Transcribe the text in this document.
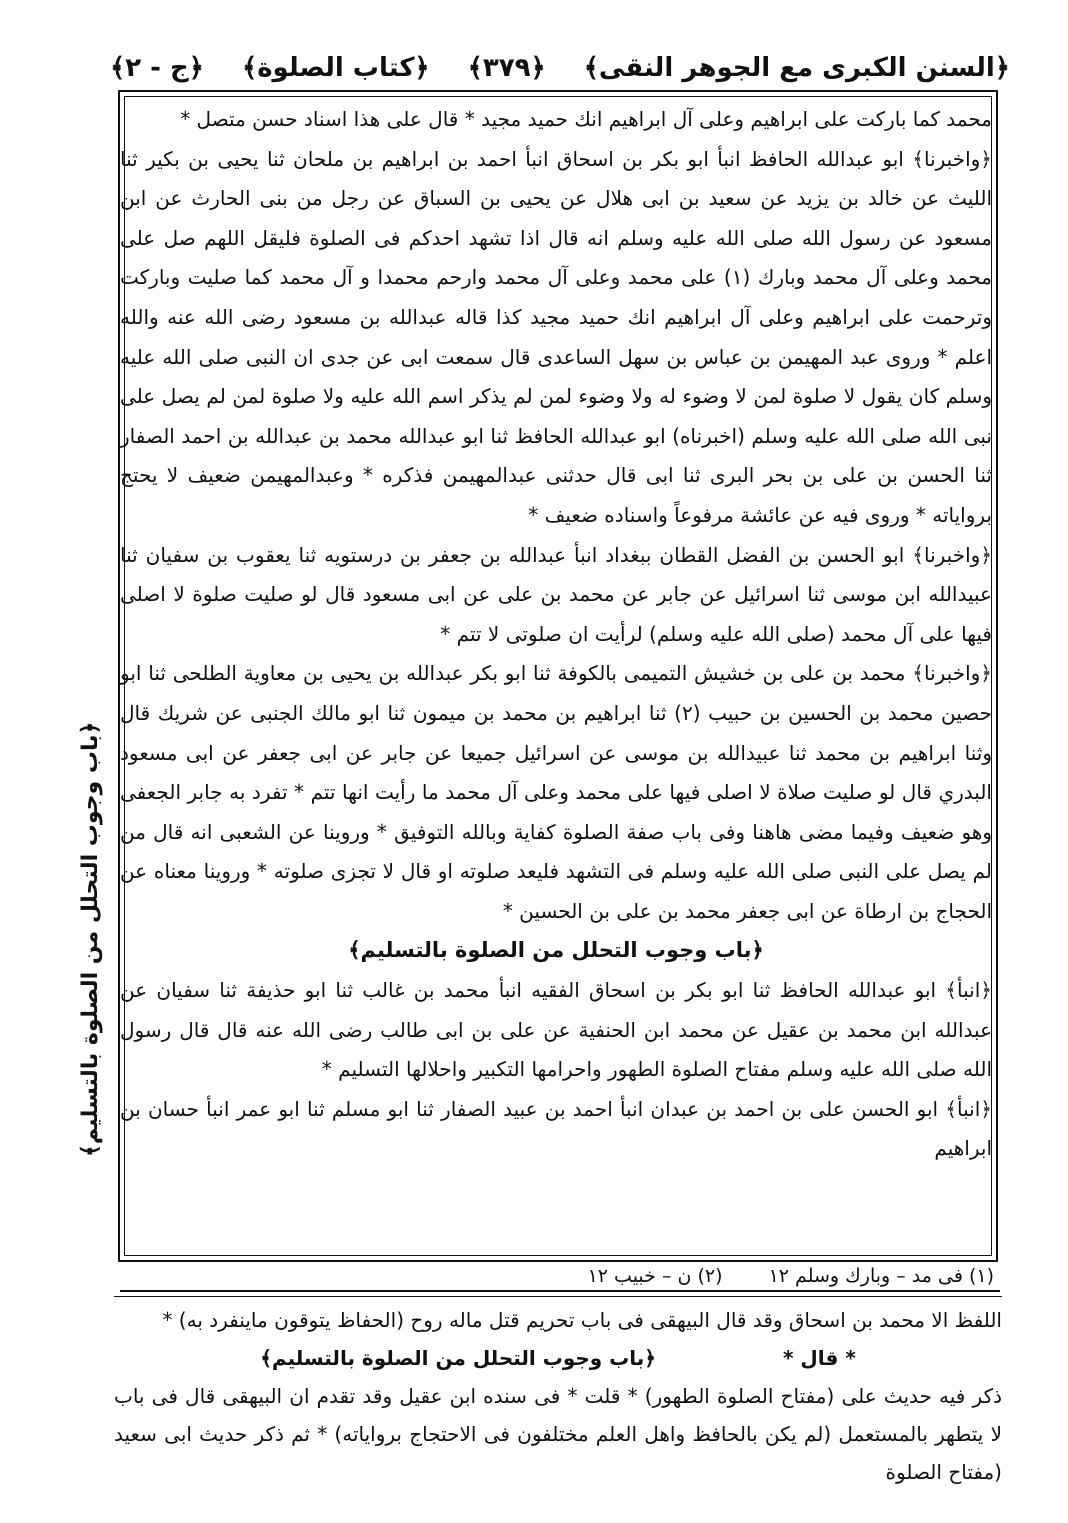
﴿السنن الكبرى مع الجوهر النقى﴾
﴿٣٧٩﴾
﴿كتاب الصلوة﴾
﴿ج - ٢﴾

محمد كما باركت على ابراهيم وعلى آل ابراهيم انك حميد مجيد * قال على هذا اسناد حسن متصل *

﴿واخبرنا﴾ ابو عبدالله الحافظ انبأ ابو بكر بن اسحاق انبأ احمد بن ابراهيم بن ملحان ثنا يحيى بن بكير ثنا الليث عن خالد بن يزيد عن سعيد بن ابى هلال عن يحيى بن السباق عن رجل من بنى الحارث عن ابن مسعود عن رسول الله صلى الله عليه وسلم انه قال اذا تشهد احدكم فى الصلوة فليقل اللهم صل على محمد وعلى آل محمد وبارك (١) على محمد وعلى آل محمد وارحم محمدا و آل محمد كما صليت وباركت وترحمت على ابراهيم وعلى آل ابراهيم انك حميد مجيد كذا قاله عبدالله بن مسعود رضى الله عنه والله اعلم * وروى عبد المهيمن بن عباس بن سهل الساعدى قال سمعت ابى عن جدى ان النبى صلى الله عليه وسلم كان يقول لا صلوة لمن لا وضوء له ولا وضوء لمن لم يذكر اسم الله عليه ولا صلوة لمن لم يصل على نبى الله صلى الله عليه وسلم (اخبرناه) ابو عبدالله الحافظ ثنا ابو عبدالله محمد بن عبدالله بن احمد الصفار ثنا الحسن بن على بن بحر البرى ثنا ابى قال حدثنى عبدالمهيمن فذكره * وعبدالمهيمن ضعيف لا يحتج برواياته * وروى فيه عن عائشة مرفوعاً واسناده ضعيف *

﴿واخبرنا﴾ ابو الحسن بن الفضل القطان ببغداد انبأ عبدالله بن جعفر بن درستويه ثنا يعقوب بن سفيان ثنا عبيدالله ابن موسى ثنا اسرائيل عن جابر عن محمد بن على عن ابى مسعود قال لو صليت صلوة لا اصلى فيها على آل محمد (صلى الله عليه وسلم) لرأيت ان صلوتى لا تتم *

﴿واخبرنا﴾ محمد بن على بن خشيش التميمى بالكوفة ثنا ابو بكر عبدالله بن يحيى بن معاوية الطلحى ثنا ابو حصين محمد بن الحسين بن حبيب (٢) ثنا ابراهيم بن محمد بن ميمون ثنا ابو مالك الجنبى عن شريك قال وثنا ابراهيم بن محمد ثنا عبيدالله بن موسى عن اسرائيل جميعا عن جابر عن ابى جعفر عن ابى مسعود البدري قال لو صليت صلاة لا اصلى فيها على محمد وعلى آل محمد ما رأيت انها تتم * تفرد به جابر الجعفى وهو ضعيف وفيما مضى هاهنا وفى باب صفة الصلوة كفاية وبالله التوفيق * وروينا عن الشعبى انه قال من لم يصل على النبى صلى الله عليه وسلم فى التشهد فليعد صلوته او قال لا تجزى صلوته * وروينا معناه عن الحجاج بن ارطاة عن ابى جعفر محمد بن على بن الحسين *

﴿باب وجوب التحلل من الصلوة بالتسليم﴾

﴿انبأ﴾ ابو عبدالله الحافظ ثنا ابو بكر بن اسحاق الفقيه انبأ محمد بن غالب ثنا ابو حذيفة ثنا سفيان عن عبدالله ابن محمد بن عقيل عن محمد ابن الحنفية عن على بن ابى طالب رضى الله عنه قال قال رسول الله صلى الله عليه وسلم مفتاح الصلوة الطهور واحرامها التكبير واحلالها التسليم *

﴿انبأ﴾ ابو الحسن على بن احمد بن عبدان انبأ احمد بن عبيد الصفار ثنا ابو مسلم ثنا ابو عمر انبأ حسان بن ابراهيم

﴿باب وجوب التحلل من الصلوة بالتسليم﴾
(١) فى مد – وبارك وسلم ١٢ (٢) ن – خبيب ١٢

اللفظ الا محمد بن اسحاق وقد قال البيهقى فى باب تحريم قتل ماله روح (الحفاظ يتوقون ماينفرد به) *

* قال * ﴿باب وجوب التحلل من الصلوة بالتسليم﴾

ذكر فيه حديث على (مفتاح الصلوة الطهور) * قلت * فى سنده ابن عقيل وقد تقدم ان البيهقى قال فى باب لا يتطهر بالمستعمل (لم يكن بالحافظ واهل العلم مختلفون فى الاحتجاج برواياته) * ثم ذكر حديث ابى سعيد (مفتاح الصلوة
